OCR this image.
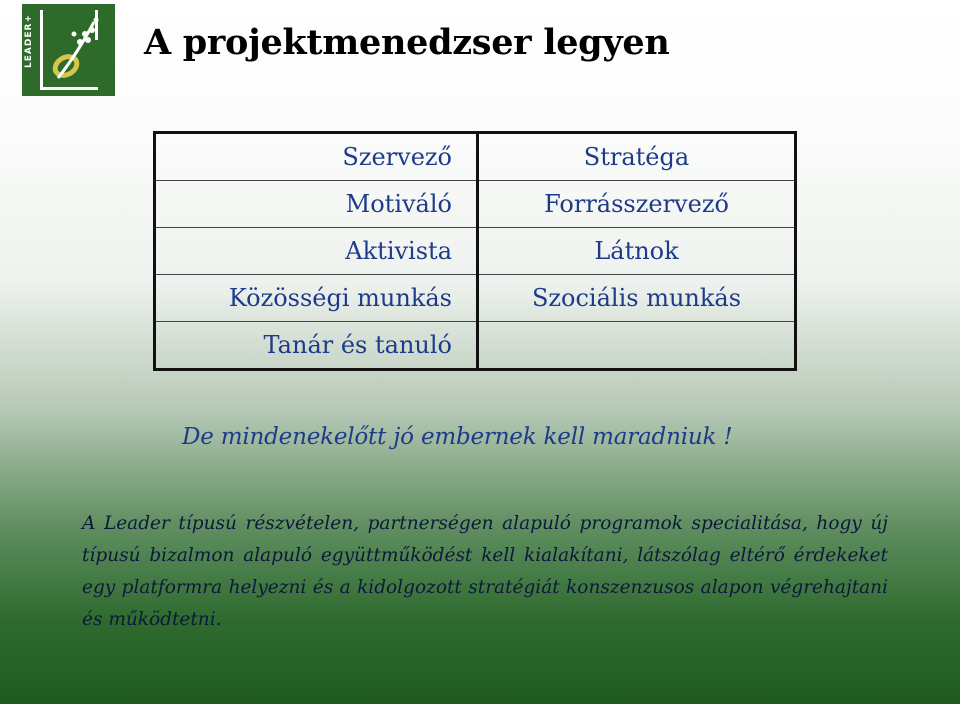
LEADER+	A projektmenedzser legyen
Szervező	Stratéga
Motiváló	Forrásszervező
Aktivista	Látnok
Közösségi munkás	Szociális munkás
Tanár és tanuló	
De mindenekelőtt jó embernek kell maradniuk !
A Leader típusú részvételen, partnerségen alapuló programok specialitása, hogy új típusú bizalmon alapuló együttműködést kell kialakítani, látszólag eltérő érdekeket egy platformra helyezni és a kidolgozott stratégiát konszenzusos alapon végrehajtani és működtetni.
